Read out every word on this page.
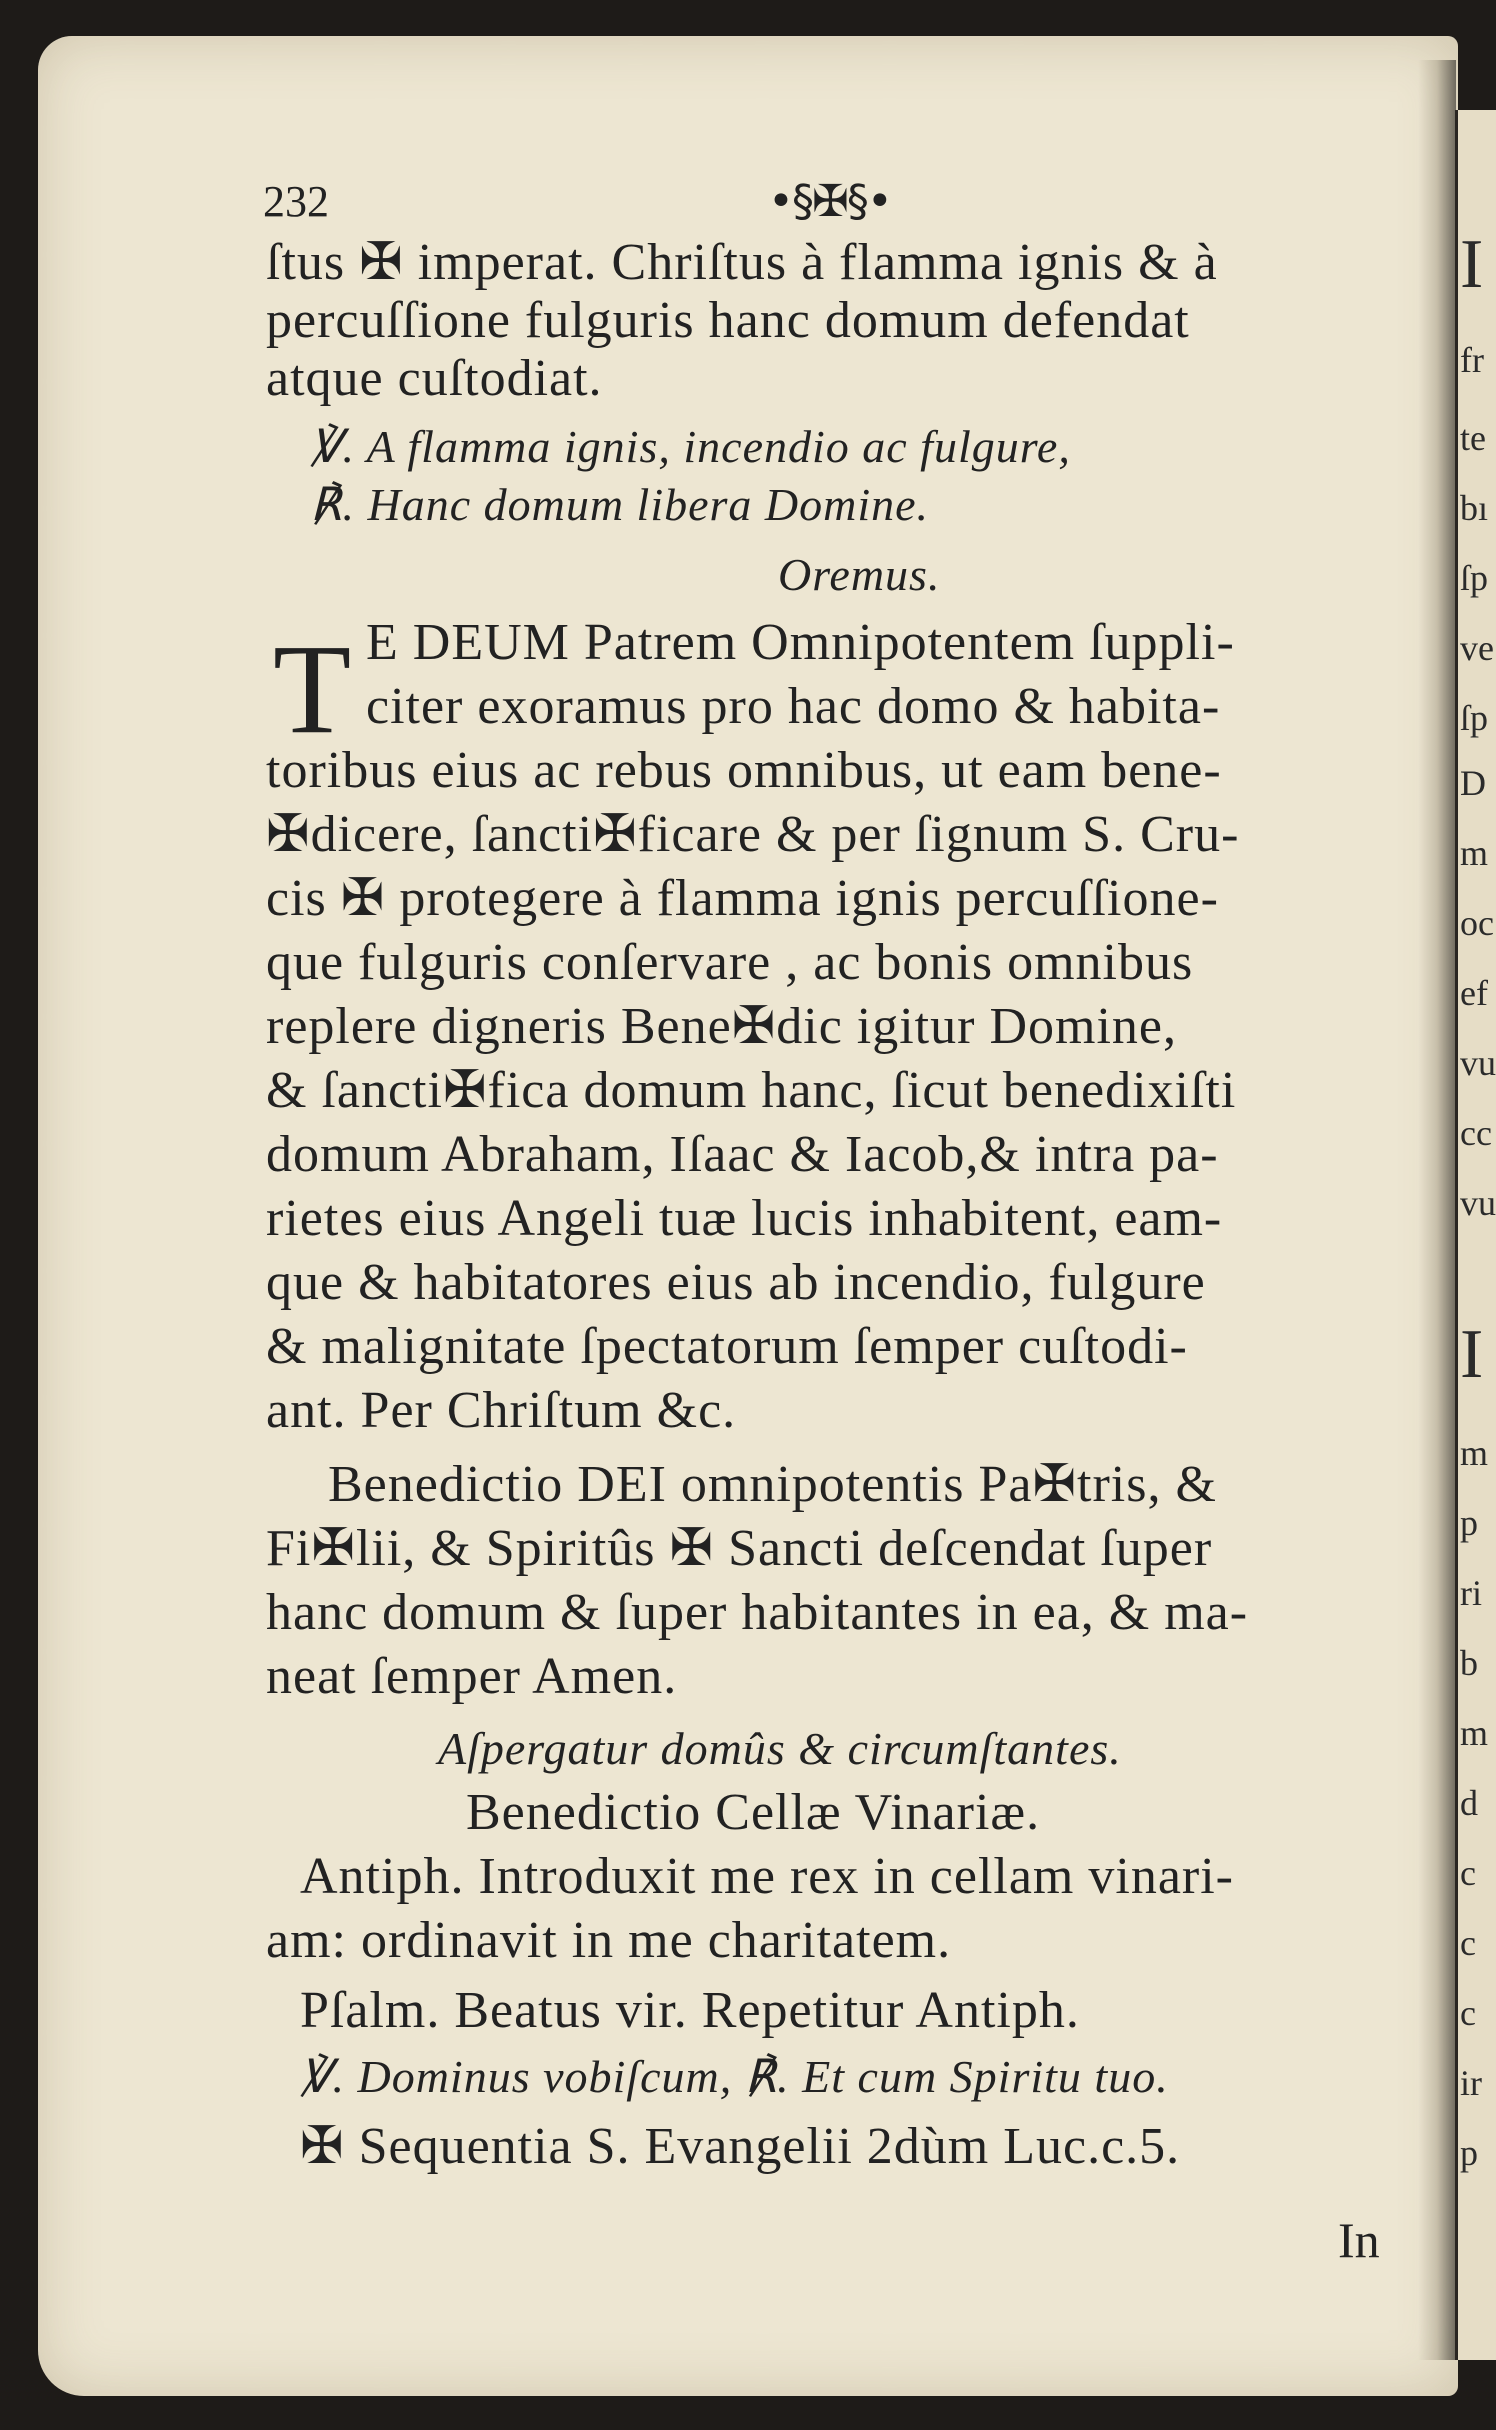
232	•§✠§•
ſtus ✠ imperat. Chriſtus à flamma ignis & à
percuſſione fulguris hanc domum defendat
atque cuſtodiat.
℣. A flamma ignis, incendio ac fulgure,
℟. Hanc domum libera Domine.
Oremus.
T E DEUM Patrem Omnipotentem ſuppli-
citer exoramus pro hac domo & habita-
toribus eius ac rebus omnibus, ut eam bene-
✠dicere, ſancti✠ficare & per ſignum S. Cru-
cis ✠ protegere à flamma ignis percuſſione-
que fulguris conſervare , ac bonis omnibus
replere digneris Bene✠dic igitur Domine,
& ſancti✠fica domum hanc, ſicut benedixiſti
domum Abraham, Iſaac & Iacob,& intra pa-
rietes eius Angeli tuæ lucis inhabitent, eam-
que & habitatores eius ab incendio, fulgure
& malignitate ſpectatorum ſemper cuſtodi-
ant. Per Chriſtum &c.
Benedictio DEI omnipotentis Pa✠tris, &
Fi✠lii, & Spiritûs ✠ Sancti deſcendat ſuper
hanc domum & ſuper habitantes in ea, & ma-
neat ſemper Amen.
Aſpergatur domûs & circumſtantes.
Benedictio Cellæ Vinariæ.
Antiph. Introduxit me rex in cellam vinari-
am: ordinavit in me charitatem.
Pſalm. Beatus vir. Repetitur Antiph.
℣. Dominus vobiſcum, ℟. Et cum Spiritu tuo.
✠ Sequentia S. Evangelii 2dùm Luc.c.5.
In
I
fr
te
bı
ſp
ve
ſp
D
m
oc
ef
vu
cc
vu
I
m
p
ri
b
m
d
c
c
c
ir
p
